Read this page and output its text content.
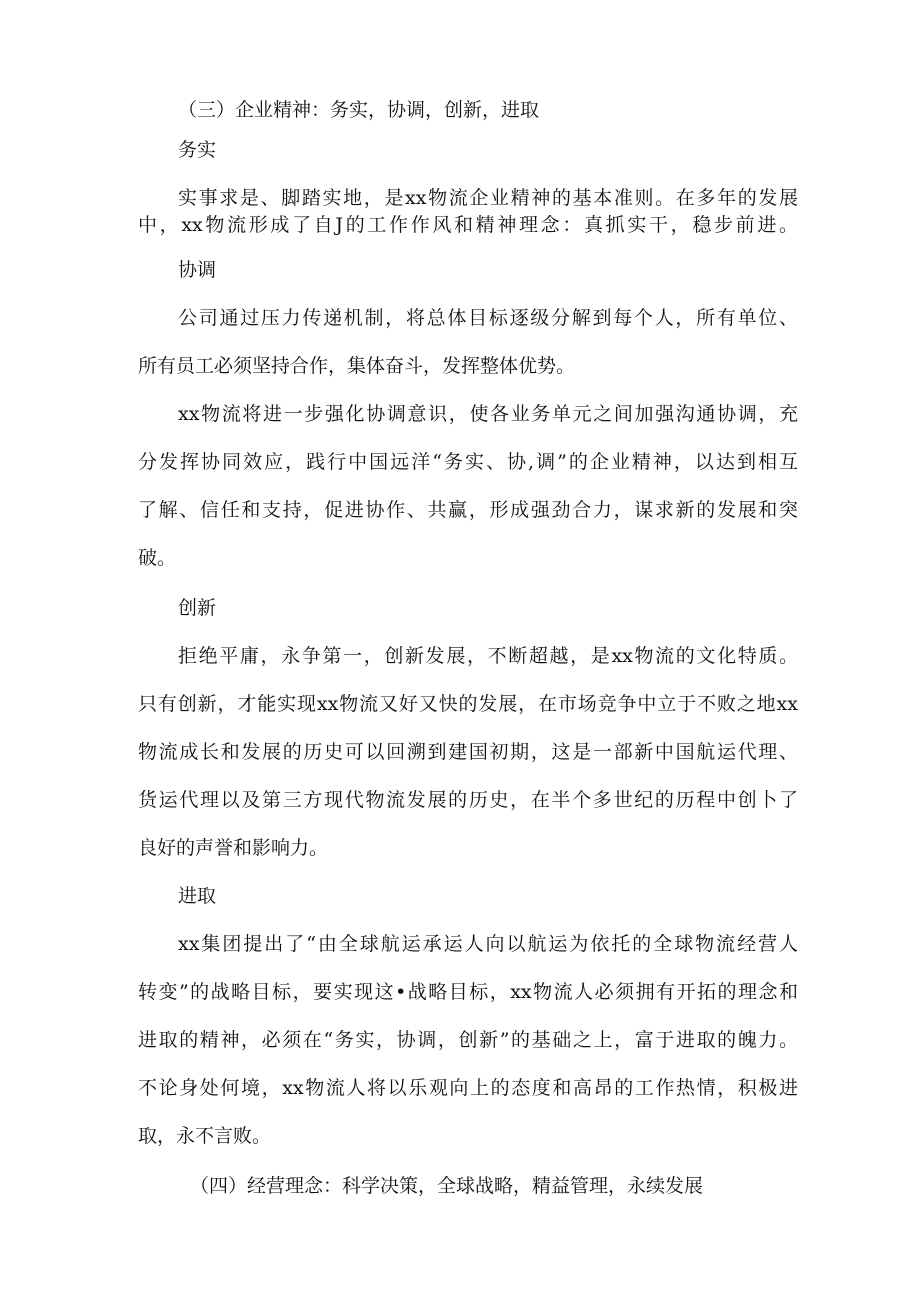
（三）企业精神：务实，协调，创新，进取
务实
实事求是、脚踏实地，是xx物流企业精神的基本准则。在多年的发展
中，xx物流形成了自J的工作作风和精神理念：真抓实干，稳步前进。
协调
公司通过压力传递机制，将总体目标逐级分解到每个人，所有单位、
所有员工必须坚持合作，集体奋斗，发挥整体优势。
xx物流将进一步强化协调意识，使各业务单元之间加强沟通协调，充
分发挥协同效应，践行中国远洋“务实、协,调”的企业精神，以达到相互
了解、信任和支持，促进协作、共赢，形成强劲合力，谋求新的发展和突
破。
创新
拒绝平庸，永争第一，创新发展，不断超越，是xx物流的文化特质。
只有创新，才能实现xx物流又好又快的发展，在市场竞争中立于不败之地xx
物流成长和发展的历史可以回溯到建国初期，这是一部新中国航运代理、
货运代理以及第三方现代物流发展的历史，在半个多世纪的历程中创卜了
良好的声誉和影响力。
进取
xx集团提出了“由全球航运承运人向以航运为依托的全球物流经营人
转变”的战略目标，要实现这•战略目标，xx物流人必须拥有开拓的理念和
进取的精神，必须在“务实，协调，创新”的基础之上，富于进取的魄力。
不论身处何境，xx物流人将以乐观向上的态度和高昂的工作热情，积极进
取，永不言败。
（四）经营理念：科学决策，全球战略，精益管理，永续发展
